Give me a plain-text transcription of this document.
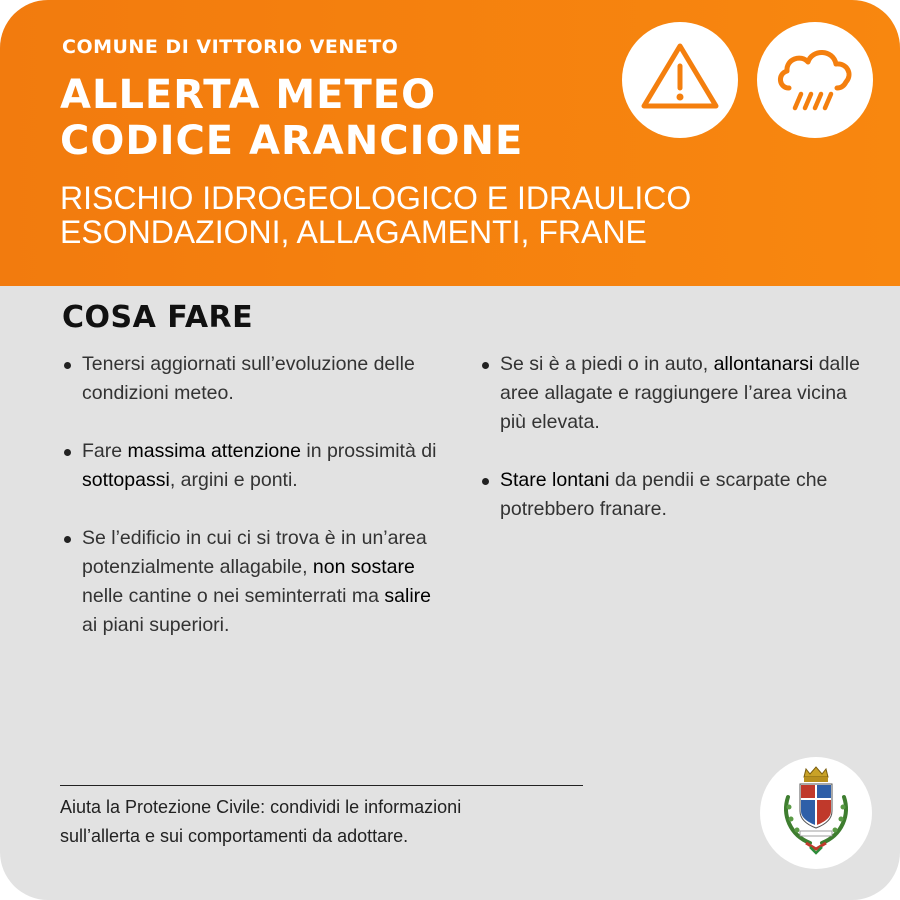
COMUNE DI VITTORIO VENETO

ALLERTA METEO
CODICE ARANCIONE

RISCHIO IDROGEOLOGICO E IDRAULICO
ESONDAZIONI, ALLAGAMENTI, FRANE

COSA FARE
Tenersi aggiornati sull’evoluzione delle condizioni meteo.
Fare massima attenzione in prossimità di sottopassi, argini e ponti.
Se l’edificio in cui ci si trova è in un’area potenzialmente allagabile, non sostare nelle cantine o nei seminterrati ma salire ai piani superiori.
Se si è a piedi o in auto, allontanarsi dalle aree allagate e raggiungere l’area vicina più elevata.
Stare lontani da pendii e scarpate che potrebbero franare.

Aiuta la Protezione Civile: condividi le informazioni
sull’allerta e sui comportamenti da adottare.
